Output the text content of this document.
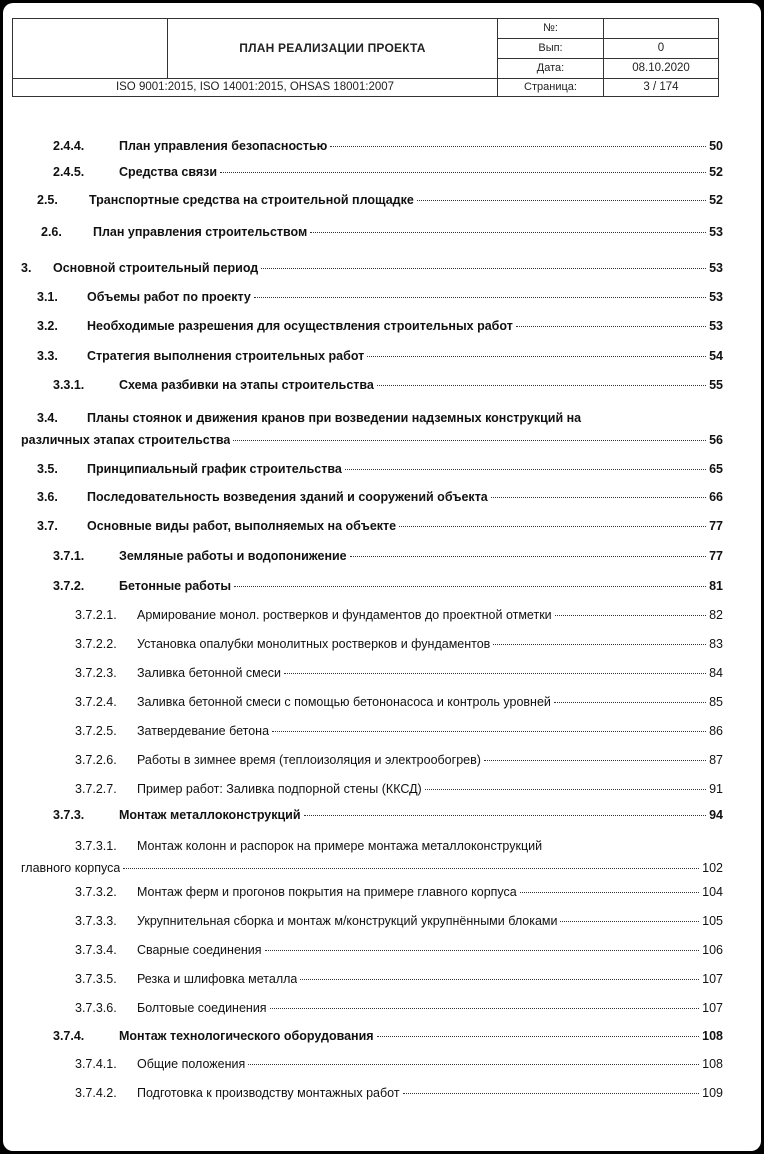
	ПЛАН РЕАЛИЗАЦИИ ПРОЕКТА	№:	
		Вып:	0
		Дата:	08.10.2020
ISO 9001:2015, ISO 14001:2015, OHSAS 18001:2007		Страница:	3 / 174
2.4.4.	План управления безопасностью	50
2.4.5.	Средства связи	52
2.5.	Транспортные средства на строительной площадке	52
2.6.	План управления строительством	53
3.	Основной строительный период	53
3.1.	Объемы работ по проекту	53
3.2.	Необходимые разрешения для осуществления строительных работ	53
3.3.	Стратегия выполнения строительных работ	54
3.3.1.	Схема разбивки на этапы строительства	55
3.4. Планы стоянок и движения кранов при возведении надземных конструкций на
различных этапах строительства	56
3.5.	Принципиальный график строительства	65
3.6.	Последовательность возведения зданий и сооружений объекта	66
3.7.	Основные виды работ, выполняемых на объекте	77
3.7.1.	Земляные работы и водопонижение	77
3.7.2.	Бетонные работы	81
3.7.2.1.	Армирование монол. ростверков и фундаментов до проектной отметки	82
3.7.2.2.	Установка опалубки монолитных ростверков и фундаментов	83
3.7.2.3.	Заливка бетонной смеси	84
3.7.2.4.	Заливка бетонной смеси с помощью бетононасоса и контроль уровней	85
3.7.2.5.	Затвердевание бетона	86
3.7.2.6.	Работы в зимнее время (теплоизоляция и электрообогрев)	87
3.7.2.7.	Пример работ: Заливка подпорной стены (ККСД)	91
3.7.3.	Монтаж металлоконструкций	94
3.7.3.1. Монтаж колонн и распорок на примере монтажа металлоконструкций
главного корпуса	102
3.7.3.2.	Монтаж ферм и прогонов покрытия на примере главного корпуса	104
3.7.3.3.	Укрупнительная сборка и монтаж м/конструкций укрупнёнными блоками	105
3.7.3.4.	Сварные соединения	106
3.7.3.5.	Резка и шлифовка металла	107
3.7.3.6.	Болтовые соединения	107
3.7.4.	Монтаж технологического оборудования	108
3.7.4.1.	Общие положения	108
3.7.4.2.	Подготовка к производству монтажных работ	109
